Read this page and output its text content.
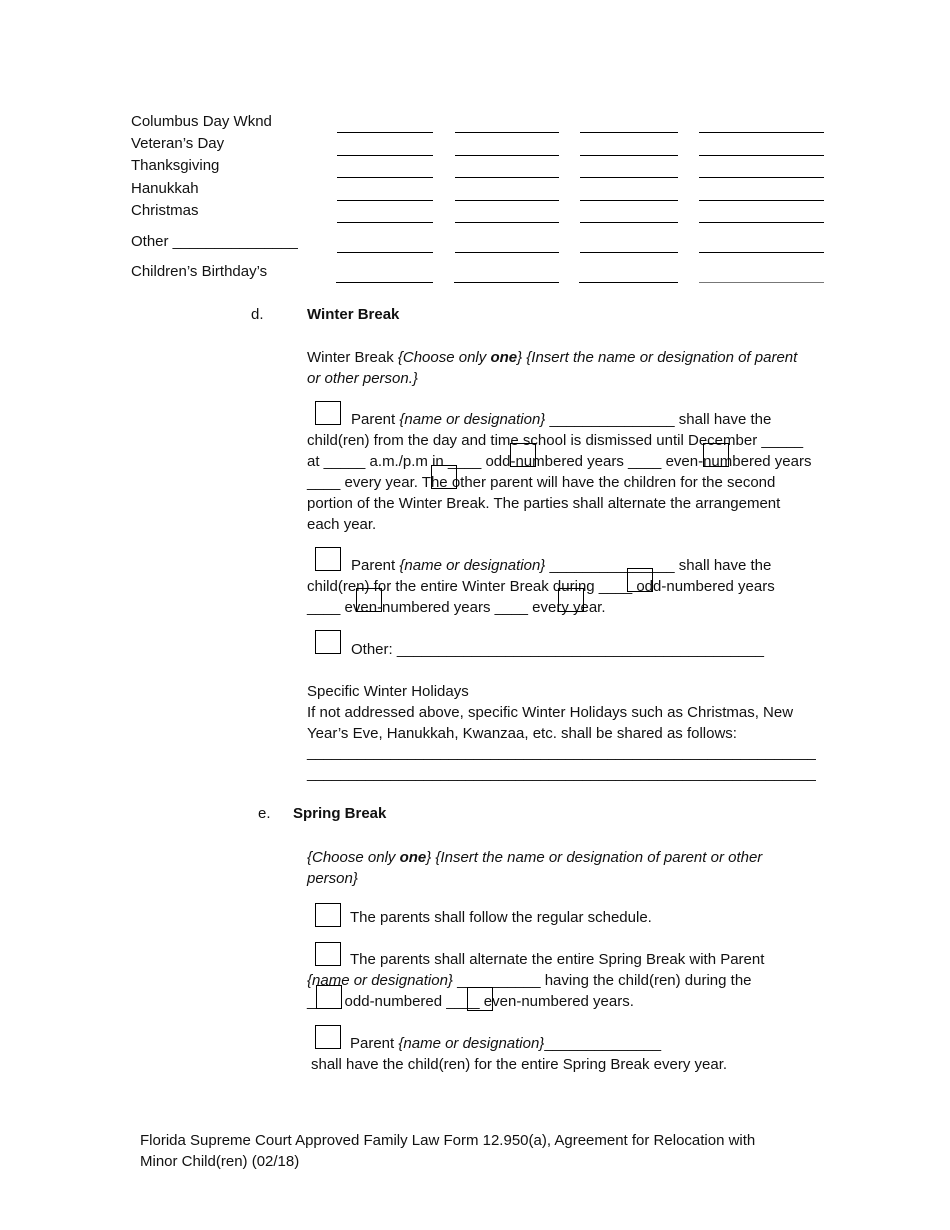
Columbus Day Wknd
Veteran’s Day
Thanksgiving
Hanukkah
Christmas
Other _______________
Children’s Birthday’s
d.	Winter Break
Winter Break {Choose only one} {Insert the name or designation of parent or other person.}
Parent {name or designation} _______________ shall have the child(ren) from the day and time school is dismissed until December _____ at _____ a.m./p.m in ____ odd-numbered years ____ even-numbered years ____ every year. The other parent will have the children for the second portion of the Winter Break. The parties shall alternate the arrangement each year.
Parent {name or designation} _______________ shall have the child(ren) for the entire Winter Break during ____ odd-numbered years ____ even-numbered years ____ every year.
Other: ____________________________________________
Specific Winter Holidays
If not addressed above, specific Winter Holidays such as Christmas, New Year’s Eve, Hanukkah, Kwanzaa, etc. shall be shared as follows:
_____________________________________________________________
_____________________________________________________________
e. Spring Break
{Choose only one} {Insert the name or designation of parent or other person}
The parents shall follow the regular schedule.
The parents shall alternate the entire Spring Break with Parent
{name or designation} __________ having the child(ren) during the
____ odd-numbered ____ even-numbered years.
Parent {name or designation}______________
shall have the child(ren) for the entire Spring Break every year.
Florida Supreme Court Approved Family Law Form 12.950(a), Agreement for Relocation with
Minor Child(ren) (02/18)
